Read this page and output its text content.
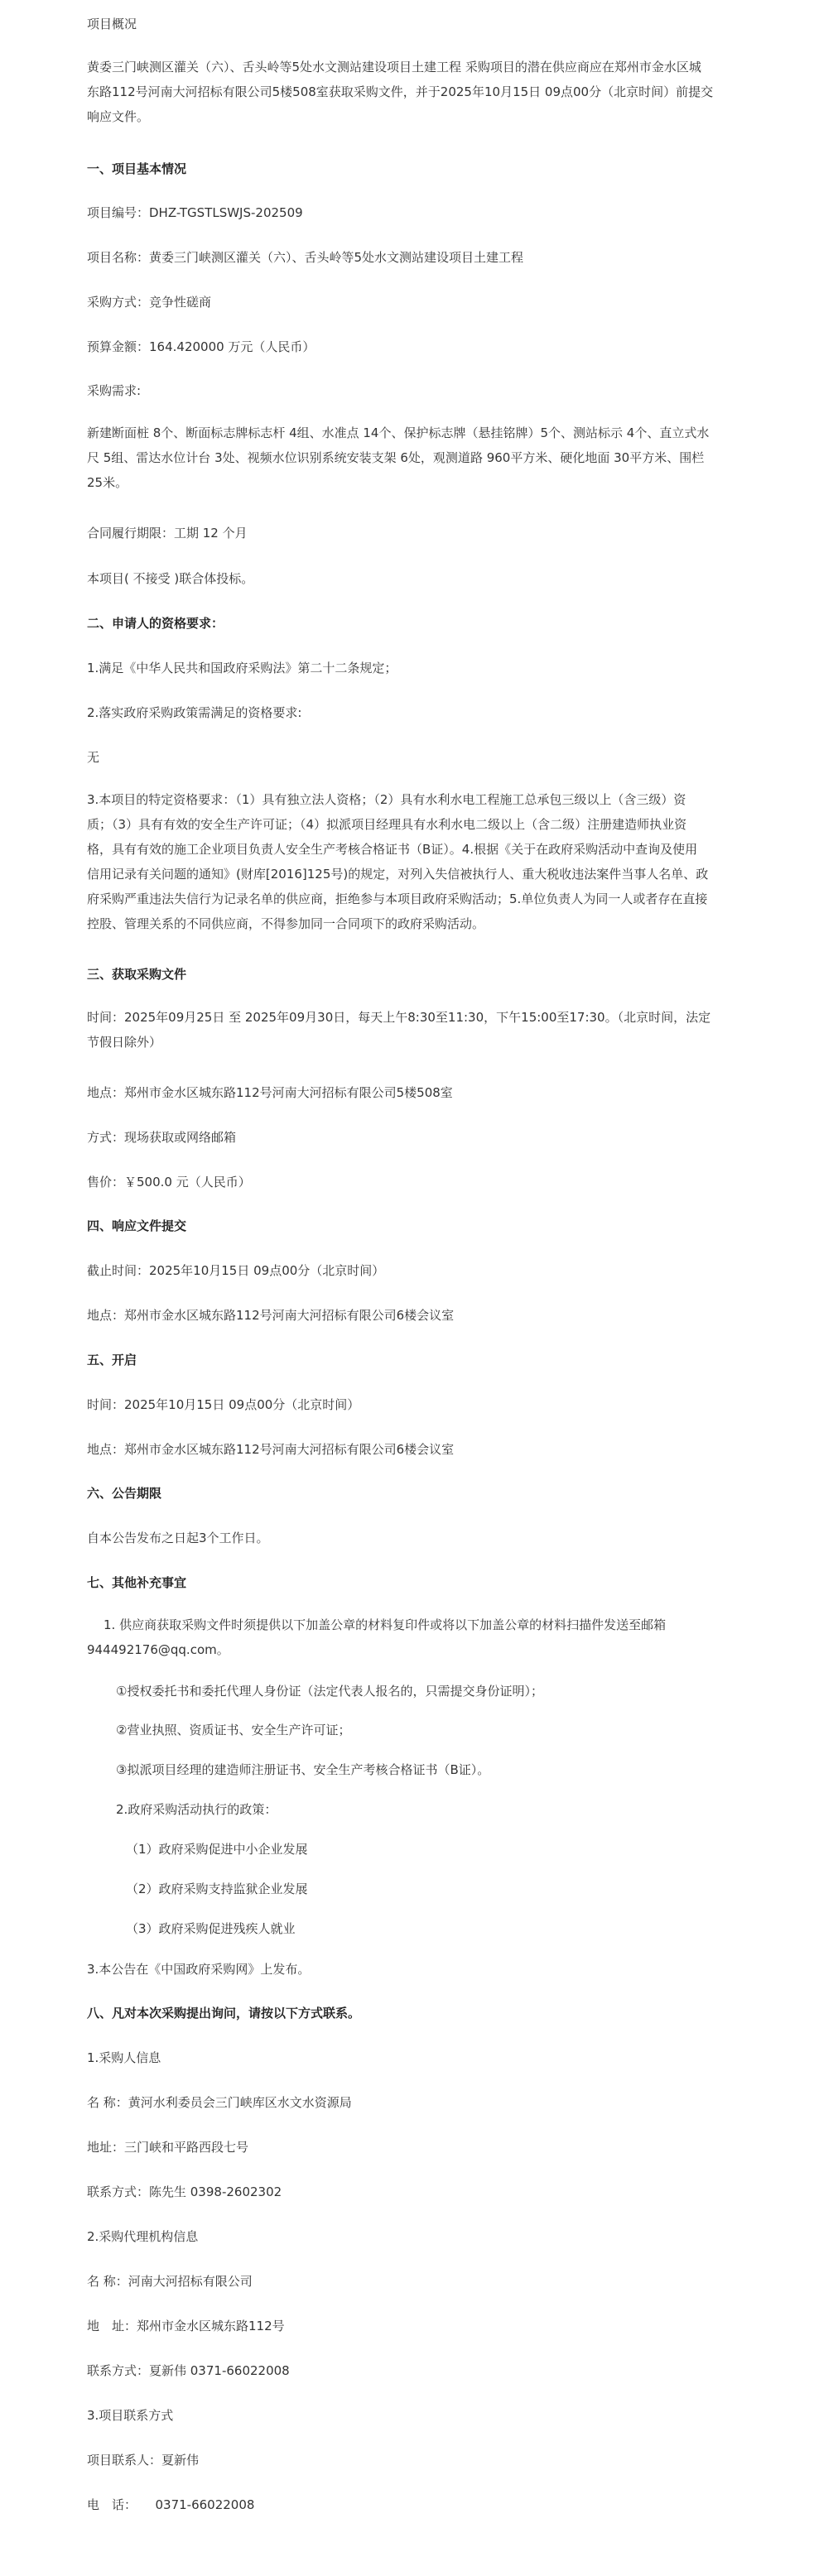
项目概况
黄委三门峡测区灌关（六）、舌头岭等5处水文测站建设项目土建工程 采购项目的潜在供应商应在郑州市金水区城
东路112号河南大河招标有限公司5楼508室获取采购文件，并于2025年10月15日 09点00分（北京时间）前提交
响应文件。
一、项目基本情况
项目编号：DHZ-TGSTLSWJS-202509
项目名称：黄委三门峡测区灌关（六）、舌头岭等5处水文测站建设项目土建工程
采购方式：竞争性磋商
预算金额：164.420000 万元（人民币）
采购需求:
新建断面桩 8个、断面标志牌标志杆 4组、水准点 14个、保护标志牌（悬挂铭牌）5个、测站标示 4个、直立式水
尺 5组、雷达水位计台 3处、视频水位识别系统安装支架 6处，观测道路 960平方米、硬化地面 30平方米、围栏
25米。
合同履行期限：工期 12 个月
本项目( 不接受 )联合体投标。
二、申请人的资格要求：
1.满足《中华人民共和国政府采购法》第二十二条规定；
2.落实政府采购政策需满足的资格要求:
无
3.本项目的特定资格要求：（1）具有独立法人资格；（2）具有水利水电工程施工总承包三级以上（含三级）资
质；（3）具有有效的安全生产许可证；（4）拟派项目经理具有水利水电二级以上（含二级）注册建造师执业资
格，具有有效的施工企业项目负责人安全生产考核合格证书（B证）。4.根据《关于在政府采购活动中查询及使用
信用记录有关问题的通知》(财库[2016]125号)的规定，对列入失信被执行人、重大税收违法案件当事人名单、政
府采购严重违法失信行为记录名单的供应商，拒绝参与本项目政府采购活动；5.单位负责人为同一人或者存在直接
控股、管理关系的不同供应商，不得参加同一合同项下的政府采购活动。
三、获取采购文件
时间：2025年09月25日 至 2025年09月30日，每天上午8:30至11:30，下午15:00至17:30。（北京时间，法定
节假日除外）
地点：郑州市金水区城东路112号河南大河招标有限公司5楼508室
方式：现场获取或网络邮箱
售价：￥500.0 元（人民币）
四、响应文件提交
截止时间：2025年10月15日 09点00分（北京时间）
地点：郑州市金水区城东路112号河南大河招标有限公司6楼会议室
五、开启
时间：2025年10月15日 09点00分（北京时间）
地点：郑州市金水区城东路112号河南大河招标有限公司6楼会议室
六、公告期限
自本公告发布之日起3个工作日。
七、其他补充事宜
1. 供应商获取采购文件时须提供以下加盖公章的材料复印件或将以下加盖公章的材料扫描件发送至邮箱
944492176@qq.com。
①授权委托书和委托代理人身份证（法定代表人报名的，只需提交身份证明）；
②营业执照、资质证书、安全生产许可证；
③拟派项目经理的建造师注册证书、安全生产考核合格证书（B证）。
2.政府采购活动执行的政策：
（1）政府采购促进中小企业发展
（2）政府采购支持监狱企业发展
（3）政府采购促进残疾人就业
3.本公告在《中国政府采购网》上发布。
八、凡对本次采购提出询问，请按以下方式联系。
1.采购人信息
名 称：黄河水利委员会三门峡库区水文水资源局
地址：三门峡和平路西段七号
联系方式：陈先生 0398-2602302
2.采购代理机构信息
名 称：河南大河招标有限公司
地　址：郑州市金水区城东路112号
联系方式：夏新伟 0371-66022008
3.项目联系方式
项目联系人：夏新伟
电　话：　　0371-66022008
